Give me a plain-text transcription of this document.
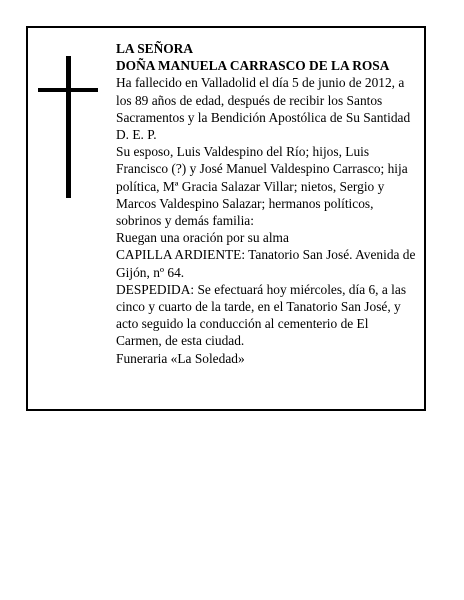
LA SEÑORA

DOÑA MANUELA CARRASCO DE LA ROSA

Ha fallecido en Valladolid el día 5 de junio de 2012, a los 89 años de edad, después de recibir los Santos Sacramentos y la Bendición Apostólica de Su Santidad D. E. P.

Su esposo, Luis Valdespino del Río; hijos, Luis Francisco (?) y José Manuel Valdespino Carrasco; hija política, Mª Gracia Salazar Villar; nietos, Sergio y Marcos Valdespino Salazar; hermanos políticos, sobrinos y demás familia:

Ruegan una oración por su alma

CAPILLA ARDIENTE: Tanatorio San José. Avenida de Gijón, nº 64.

DESPEDIDA: Se efectuará hoy miércoles, día 6, a las cinco y cuarto de la tarde, en el Tanatorio San José, y acto seguido la conducción al cementerio de El Carmen, de esta ciudad.

Funeraria «La Soledad»
